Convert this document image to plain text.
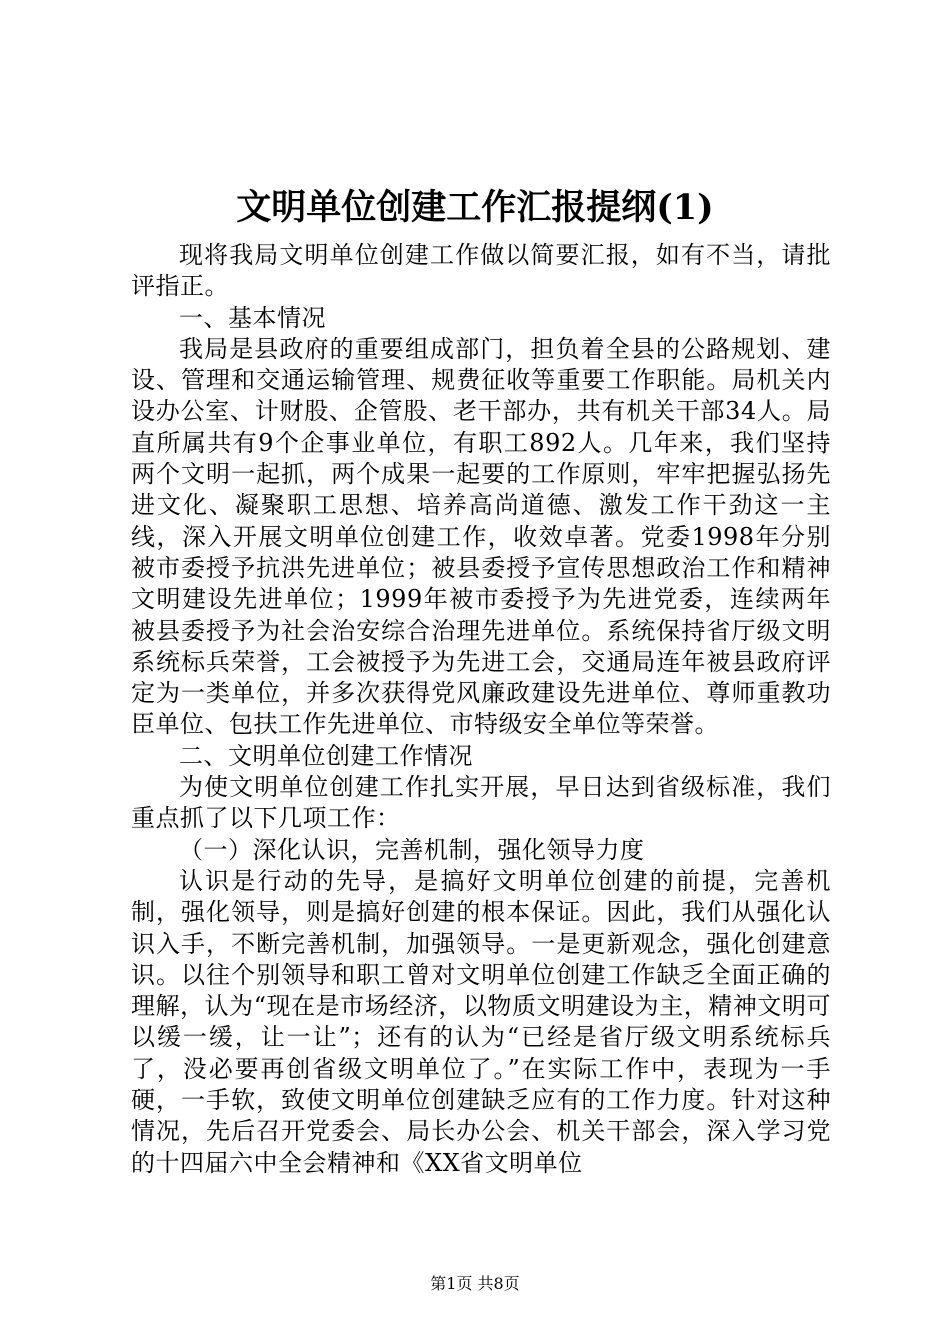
文明单位创建工作汇报提纲(1)

现将我局文明单位创建工作做以简要汇报，如有不当，请批评指正。

一、基本情况

我局是县政府的重要组成部门，担负着全县的公路规划、建设、管理和交通运输管理、规费征收等重要工作职能。局机关内设办公室、计财股、企管股、老干部办，共有机关干部34人。局直所属共有9个企事业单位，有职工892人。几年来，我们坚持两个文明一起抓，两个成果一起要的工作原则，牢牢把握弘扬先进文化、凝聚职工思想、培养高尚道德、激发工作干劲这一主线，深入开展文明单位创建工作，收效卓著。党委1998年分别被市委授予抗洪先进单位；被县委授予宣传思想政治工作和精神文明建设先进单位；1999年被市委授予为先进党委，连续两年被县委授予为社会治安综合治理先进单位。系统保持省厅级文明系统标兵荣誉，工会被授予为先进工会，交通局连年被县政府评定为一类单位，并多次获得党风廉政建设先进单位、尊师重教功臣单位、包扶工作先进单位、市特级安全单位等荣誉。

二、文明单位创建工作情况

为使文明单位创建工作扎实开展，早日达到省级标准，我们重点抓了以下几项工作：

（一）深化认识，完善机制，强化领导力度

认识是行动的先导，是搞好文明单位创建的前提，完善机制，强化领导，则是搞好创建的根本保证。因此，我们从强化认识入手，不断完善机制，加强领导。一是更新观念，强化创建意识。以往个别领导和职工曾对文明单位创建工作缺乏全面正确的理解，认为“现在是市场经济，以物质文明建设为主，精神文明可以缓一缓，让一让”；还有的认为“已经是省厅级文明系统标兵了，没必要再创省级文明单位了。”在实际工作中，表现为一手硬，一手软，致使文明单位创建缺乏应有的工作力度。针对这种情况，先后召开党委会、局长办公会、机关干部会，深入学习党的十四届六中全会精神和《XX省文明单位

第1页 共8页
